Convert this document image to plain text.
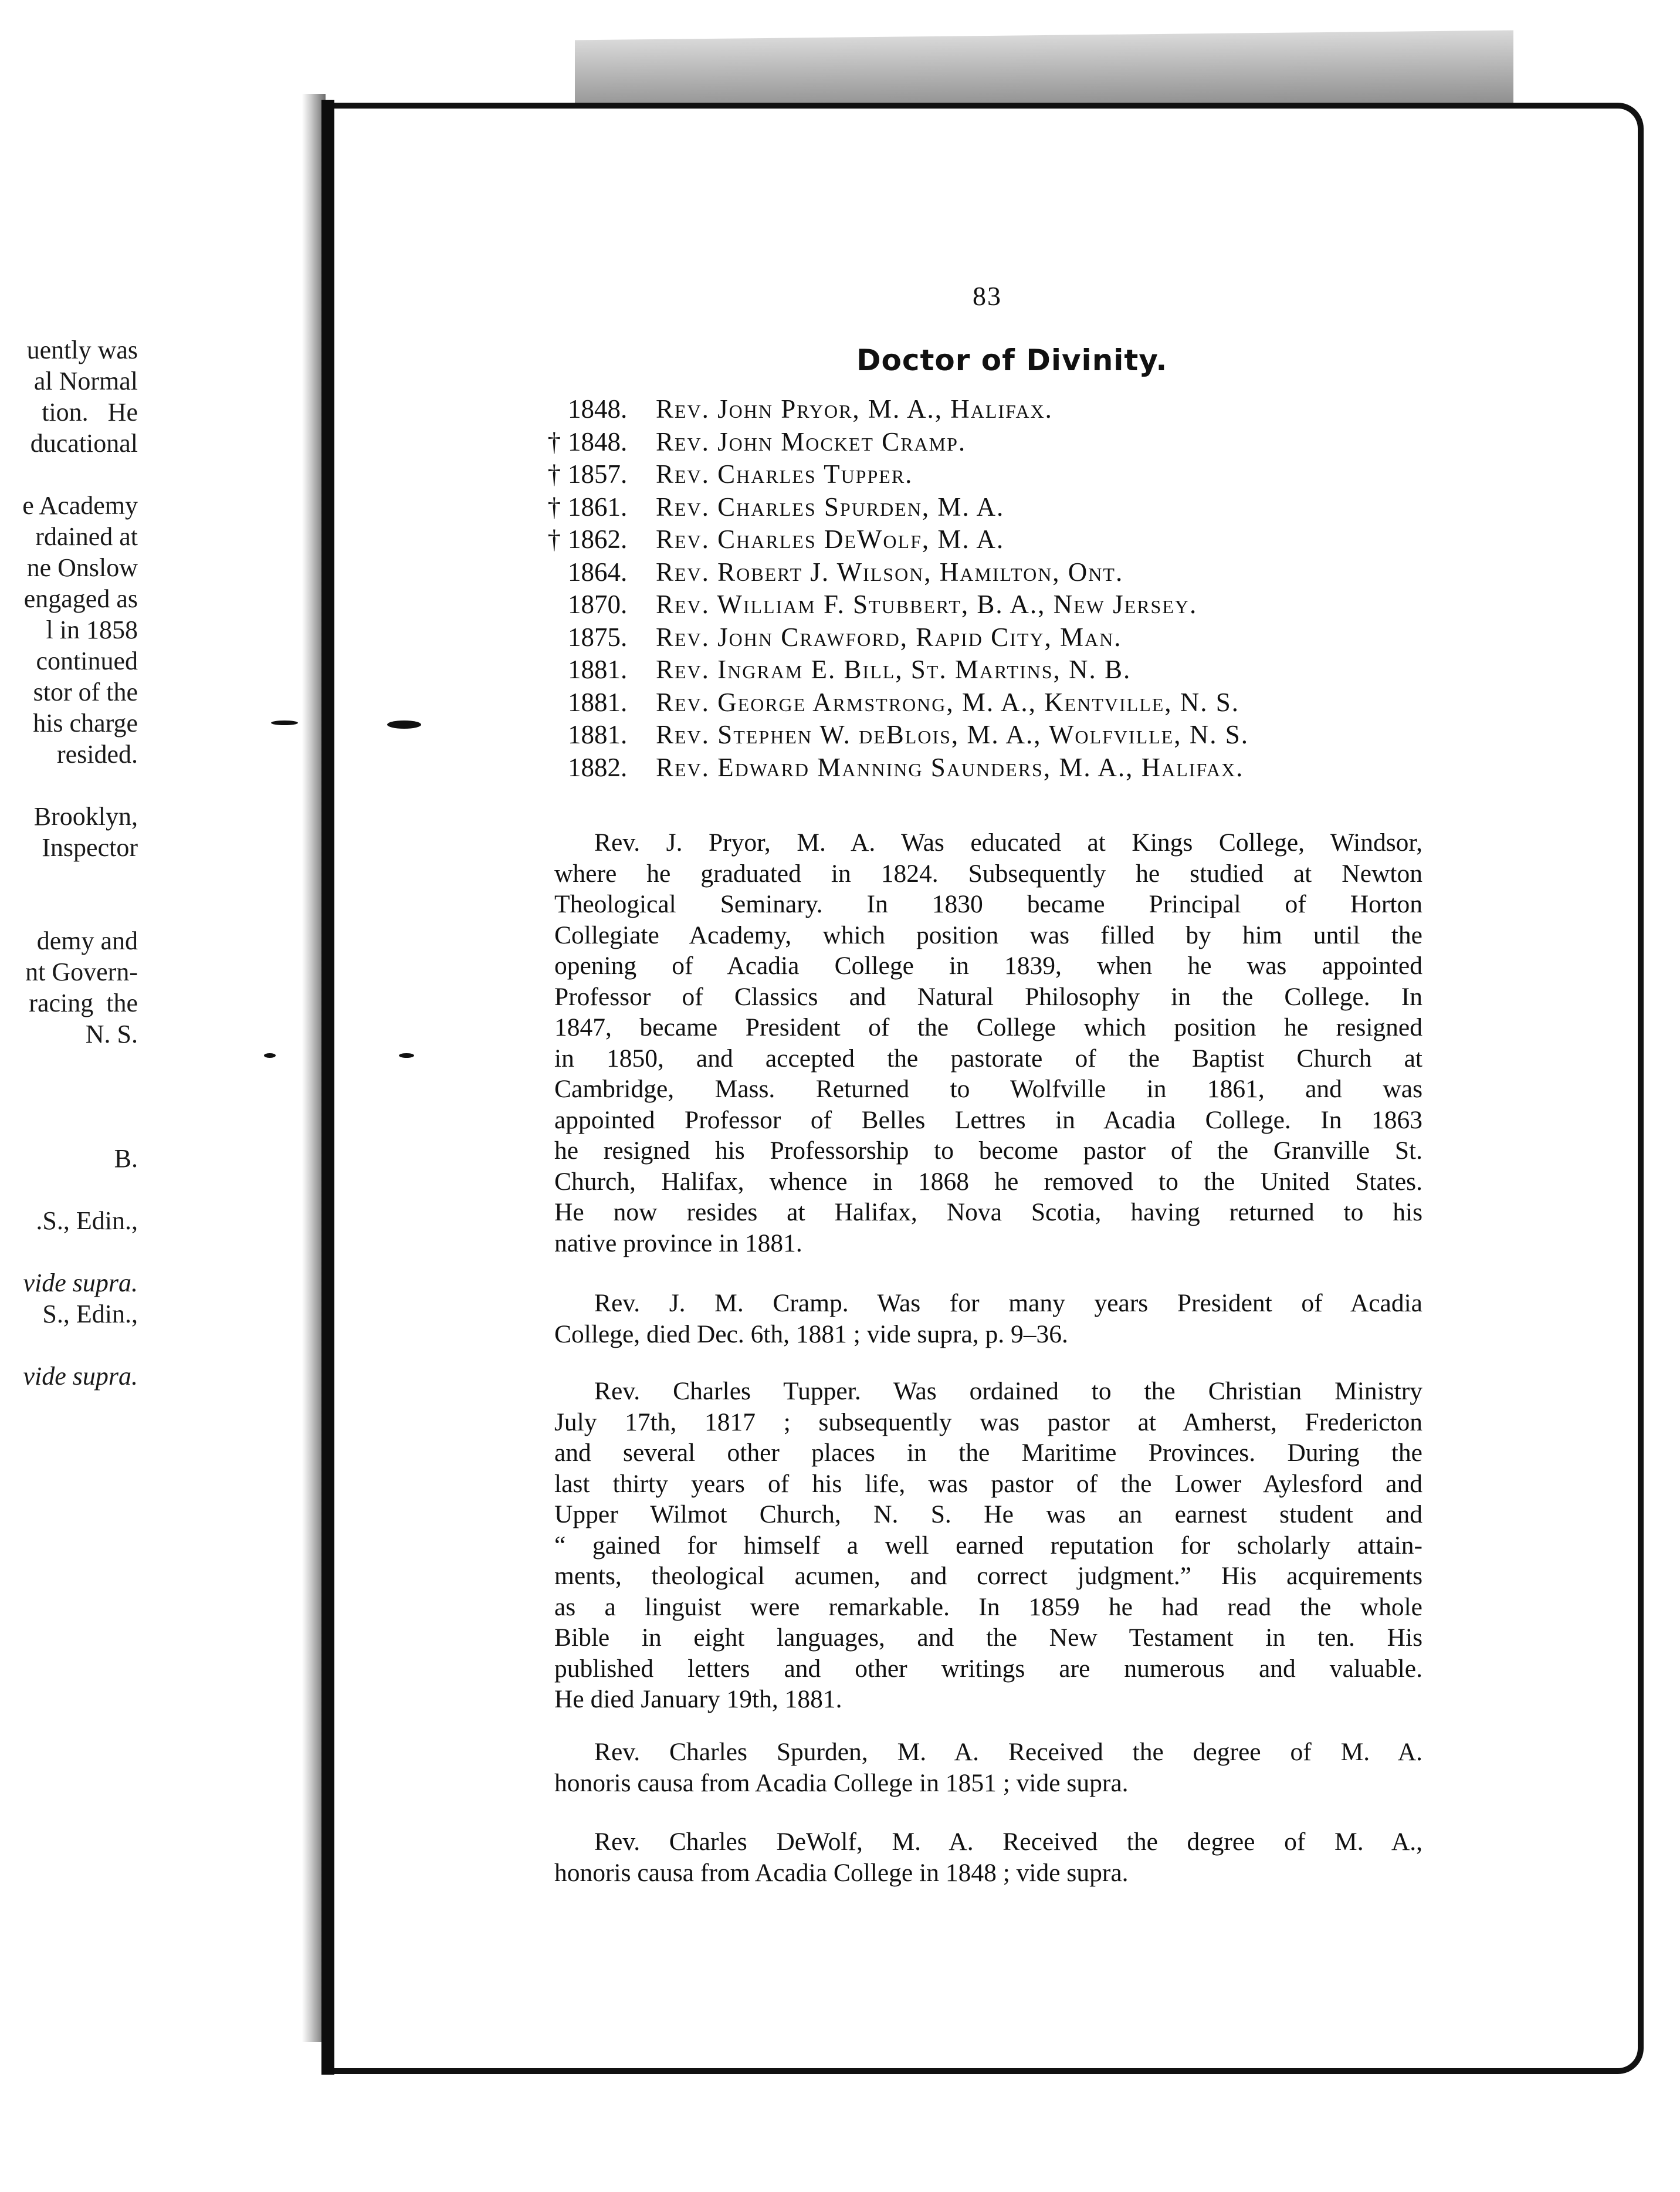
uently was
al Normal
tion.   He
ducational
e Academy
rdained at
ne Onslow
engaged as
l in 1858
continued
stor of the
his charge
resided.
Brooklyn,
Inspector
demy and
nt Govern-
racing  the
N. S.
B.
.S., Edin.,
vide supra.
S., Edin.,
vide supra.
83
Doctor of Divinity.
1848.	Rev. John Pryor, M. A., Halifax.
† 1848.	Rev. John Mocket Cramp.
† 1857.	Rev. Charles Tupper.
† 1861.	Rev. Charles Spurden, M. A.
† 1862.	Rev. Charles DeWolf, M. A.
1864.	Rev. Robert J. Wilson, Hamilton, Ont.
1870.	Rev. William F. Stubbert, B. A., New Jersey.
1875.	Rev. John Crawford, Rapid City, Man.
1881.	Rev. Ingram E. Bill, St. Martins, N. B.
1881.	Rev. George Armstrong, M. A., Kentville, N. S.
1881.	Rev. Stephen W. deBlois, M. A., Wolfville, N. S.
1882.	Rev. Edward Manning Saunders, M. A., Halifax.
Rev. J. Pryor, M. A. Was educated at Kings College, Windsor,
where he graduated in 1824. Subsequently he studied at Newton
Theological Seminary. In 1830 became Principal of Horton
Collegiate Academy, which position was filled by him until the
opening of Acadia College in 1839, when he was appointed
Professor of Classics and Natural Philosophy in the College. In
1847, became President of the College which position he resigned
in 1850, and accepted the pastorate of the Baptist Church at
Cambridge, Mass. Returned to Wolfville in 1861, and was
appointed Professor of Belles Lettres in Acadia College. In 1863
he resigned his Professorship to become pastor of the Granville St.
Church, Halifax, whence in 1868 he removed to the United States.
He now resides at Halifax, Nova Scotia, having returned to his
native province in 1881.
Rev. J. M. Cramp. Was for many years President of Acadia
College, died Dec. 6th, 1881 ; vide supra, p. 9–36.
Rev. Charles Tupper. Was ordained to the Christian Ministry
July 17th, 1817 ; subsequently was pastor at Amherst, Fredericton
and several other places in the Maritime Provinces. During the
last thirty years of his life, was pastor of the Lower Aylesford and
Upper Wilmot Church, N. S. He was an earnest student and
“ gained for himself a well earned reputation for scholarly attain-
ments, theological acumen, and correct judgment.” His acquirements
as a linguist were remarkable. In 1859 he had read the whole
Bible in eight languages, and the New Testament in ten. His
published letters and other writings are numerous and valuable.
He died January 19th, 1881.
Rev. Charles Spurden, M. A. Received the degree of M. A.
honoris causa from Acadia College in 1851 ; vide supra.
Rev. Charles DeWolf, M. A. Received the degree of M. A.,
honoris causa from Acadia College in 1848 ; vide supra.
